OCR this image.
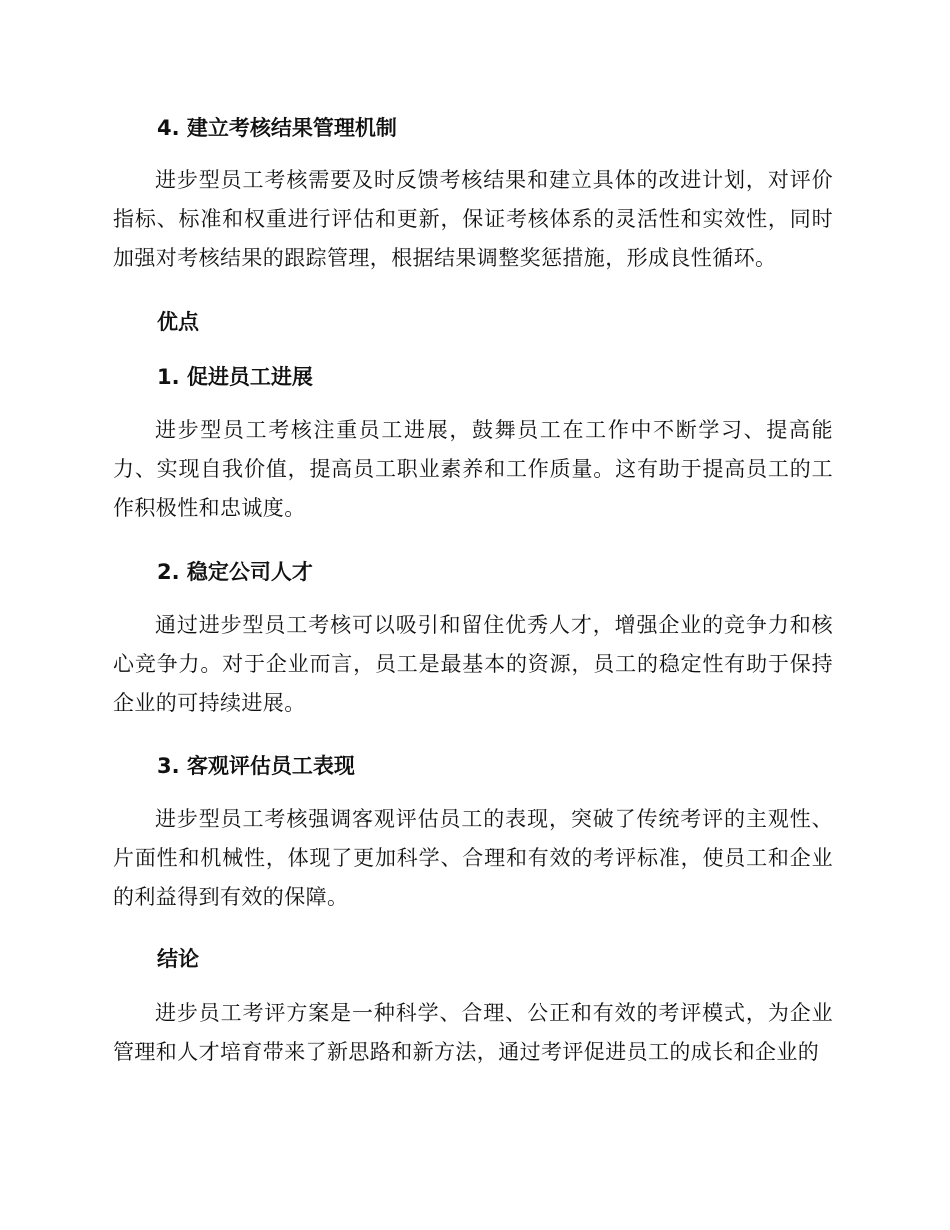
4. 建立考核结果管理机制

进步型员工考核需要及时反馈考核结果和建立具体的改进计划，对评价指标、标准和权重进行评估和更新，保证考核体系的灵活性和实效性，同时加强对考核结果的跟踪管理，根据结果调整奖惩措施，形成良性循环。

优点
1. 促进员工进展

进步型员工考核注重员工进展，鼓舞员工在工作中不断学习、提高能力、实现自我价值，提高员工职业素养和工作质量。这有助于提高员工的工作积极性和忠诚度。

2. 稳定公司人才

通过进步型员工考核可以吸引和留住优秀人才，增强企业的竞争力和核心竞争力。对于企业而言，员工是最基本的资源，员工的稳定性有助于保持企业的可持续进展。

3. 客观评估员工表现

进步型员工考核强调客观评估员工的表现，突破了传统考评的主观性、片面性和机械性，体现了更加科学、合理和有效的考评标准，使员工和企业的利益得到有效的保障。

结论

进步员工考评方案是一种科学、合理、公正和有效的考评模式，为企业管理和人才培育带来了新思路和新方法，通过考评促进员工的成长和企业的
